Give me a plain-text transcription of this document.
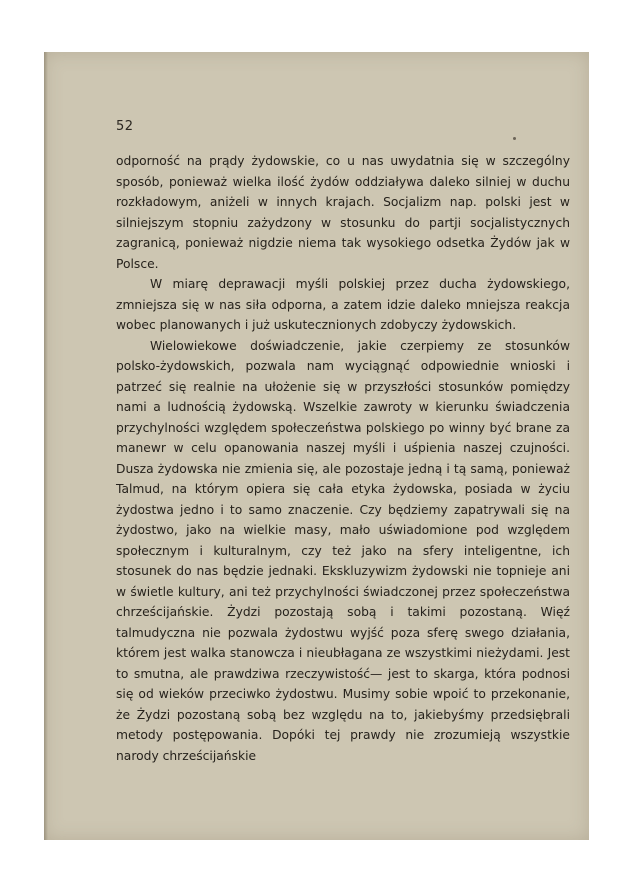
52

odporność na prądy żydowskie, co u nas uwydatnia się w szczególny sposób, ponieważ wielka ilość żydów oddziaływa daleko silniej w duchu rozkładowym, aniżeli w innych krajach. Socjalizm nap. polski jest w silniejszym stopniu zażydzony w stosunku do partji socjalistycznych zagranicą, ponieważ nigdzie niema tak wysokiego odsetka Żydów jak w Polsce.

W miarę deprawacji myśli polskiej przez ducha żydowskiego, zmniejsza się w nas siła odporna, a zatem idzie daleko mniejsza reakcja wobec planowanych i już uskutecznionych zdobyczy żydowskich.

Wielowiekowe doświadczenie, jakie czerpiemy ze stosunków polsko-żydowskich, pozwala nam wyciągnąć odpowiednie wnioski i patrzeć się realnie na ułożenie się w przyszłości stosunków pomiędzy nami a ludnością żydowską. Wszelkie zawroty w kierunku świadczenia przychylności względem społeczeństwa polskiego po winny być brane za manewr w celu opanowania naszej myśli i uśpienia naszej czujności. Dusza żydowska nie zmienia się, ale pozostaje jedną i tą samą, ponieważ Talmud, na którym opiera się cała etyka żydowska, posiada w życiu żydostwa jedno i to samo znaczenie. Czy będziemy zapatrywali się na żydostwo, jako na wielkie masy, mało uświadomione pod względem społecznym i kulturalnym, czy też jako na sfery inteligentne, ich stosunek do nas będzie jednaki. Ekskluzywizm żydowski nie topnieje ani w świetle kultury, ani też przychylności świadczonej przez społeczeństwa chrześcijańskie. Żydzi pozostają sobą i takimi pozostaną. Więź talmudyczna nie pozwala żydostwu wyjść poza sferę swego działania, którem jest walka stanowcza i nieubłagana ze wszystkimi nieżydami. Jest to smutna, ale prawdziwa rzeczywistość— jest to skarga, która podnosi się od wieków przeciwko żydostwu. Musimy sobie wpoić to przekonanie, że Żydzi pozostaną sobą bez względu na to, jakiebyśmy przedsiębrali metody postępowania. Dopóki tej prawdy nie zrozumieją wszystkie narody chrześcijańskie
